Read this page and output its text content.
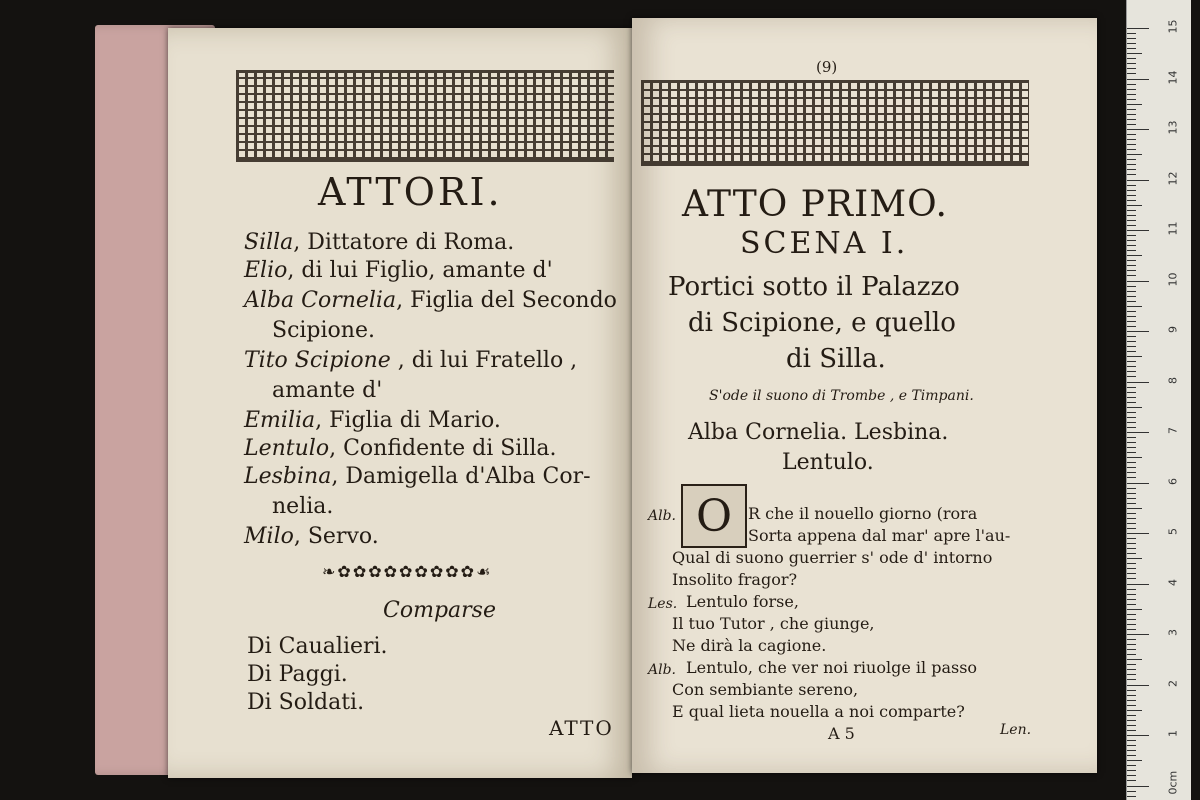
ATTORI.
Silla, Dittatore di Roma.
Elio, di lui Figlio, amante d'
Alba Cornelia, Figlia del Secondo
Scipione.
Tito Scipione , di lui Fratello ,
amante d'
Emilia, Figlia di Mario.
Lentulo, Confidente di Silla.
Lesbina, Damigella d'Alba Cor-
nelia.
Milo, Servo.
❧✿✿✿✿✿✿✿✿✿☙
Comparse
Di Caualieri.
Di Paggi.
Di Soldati.
ATTO
(9)
ATTO PRIMO.
SCENA I.
Portici sotto il Palazzo
di Scipione, e quello
di Silla.
S'ode il suono di Trombe , e Timpani.
Alba Cornelia. Lesbina.
Lentulo.
O
Alb.	R che il nouello giorno (rora
Sorta appena dal mar' apre l'au-
Qual di suono guerrier s' ode d' intorno
Insolito fragor?
Les. Lentulo forse,
Il tuo Tutor , che giunge,
Ne dirà la cagione.
Alb. Lentulo, che ver noi riuolge il passo
Con sembiante sereno,
E qual lieta nouella a noi comparte?
A 5	Len.
15
14
13
12
11
10
9
8
7
6
5
4
3
2
1
0cm
